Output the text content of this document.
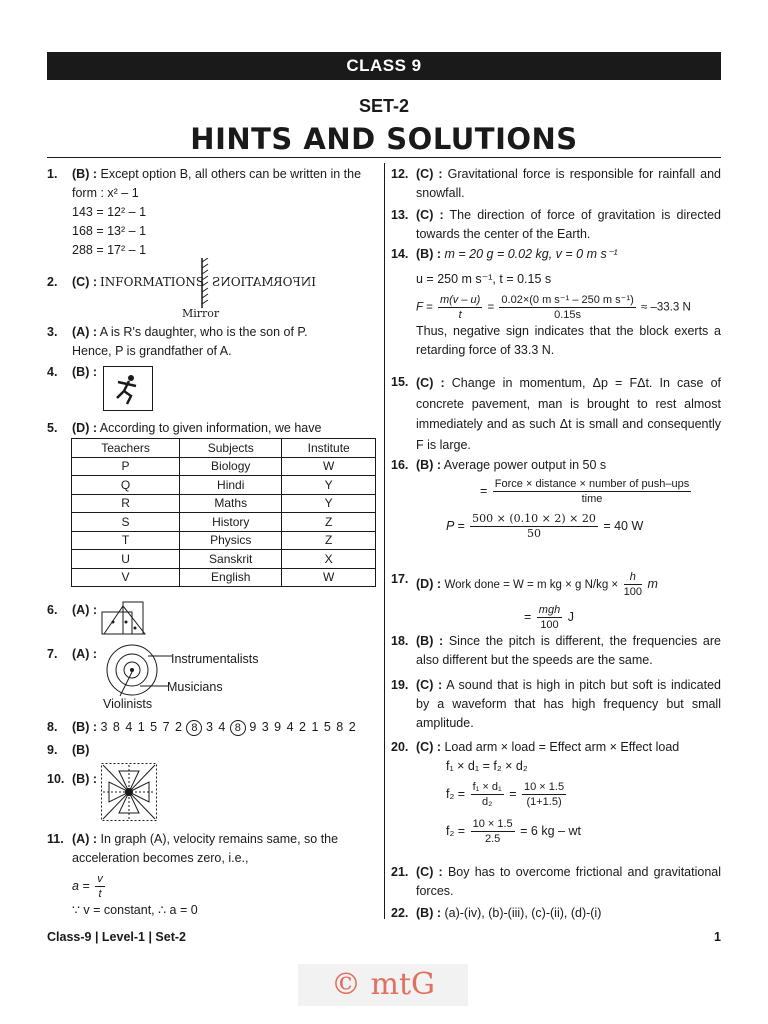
CLASS 9
SET-2
HINTS AND SOLUTIONS
1. (B) : Except option B, all others can be written in the
form : x² – 1
143 = 12² – 1
168 = 13² – 1
288 = 17² – 1
2. (C) : INFORMATIONS INFORMATIONS
Mirror
3. (A) : A is R's daughter, who is the son of P.
Hence, P is grandfather of A.
4. (B) :
5. (D) : According to given information, we have
Teachers	Subjects	Institute
P	Biology	W
Q	Hindi	Y
R	Maths	Y
S	History	Z
T	Physics	Z
U	Sanskrit	X
V	English	W
6. (A) :
7. (A) :	Instrumentalists
Musicians
Violinists
8. (B) : 3 8 4 1 5 7 2 8 3 4 8 9 3 9 4 2 1 5 8 2
9. (B)
10. (B) :
11. (A) : In graph (A), velocity remains same, so the
acceleration becomes zero, i.e.,
$a = \frac{v}{t}$
∵ v = constant, ∴ a = 0
12. (C) : Gravitational force is responsible for rainfall and snowfall.
13. (C) : The direction of force of gravitation is directed towards the center of the Earth.
14. (B) : m = 20 g = 0.02 kg, v = 0 m s⁻¹
u = 250 m s⁻¹, t = 0.15 s
$F = \frac{m(v - u)}{t} = \frac{\text{0.02×(0 m s⁻¹ – 250 m s⁻¹)}}{0.15s} \approx -33.3$ N
Thus, negative sign indicates that the block exerts a retarding force of 33.3 N.
15. (C) : Change in momentum, Δp = FΔt. In case of concrete pavement, man is brought to rest almost immediately and as such Δt is small and consequently F is large.
16. (B) : Average power output in 50 s
= $\frac{\text{Force × distance × number of push–ups}}{\text{time}}$
$P = \frac{500 \times (0.10 \times 2) \times 20}{50} = 40$ W
17. (D) : Work done = W = m kg × g $N/kg \times \frac{h}{100}$ m
= $\frac{\text{mgh}}{100}$ J
18. (B) : Since the pitch is different, the frequencies are also different but the speeds are the same.
19. (C) : A sound that is high in pitch but soft is indicated by a waveform that has high frequency but small amplitude.
20. (C) : Load arm × load = Effect arm × Effect load
f₁ × d₁ = f₂ × d₂
$f_2 = \frac{\text{f₁ × d₁}}{\text{d₂}} = \frac{10 \times 1.5}{(1+1.5)}$
$f_2 = \frac{10 \times 1.5}{2.5} = 6$ kg – wt
21. (C) : Boy has to overcome frictional and gravitational forces.
22. (B) : (a)-(iv), (b)-(iii), (c)-(ii), (d)-(i)
Class-9 | Level-1 | Set-2	1
© mtG
